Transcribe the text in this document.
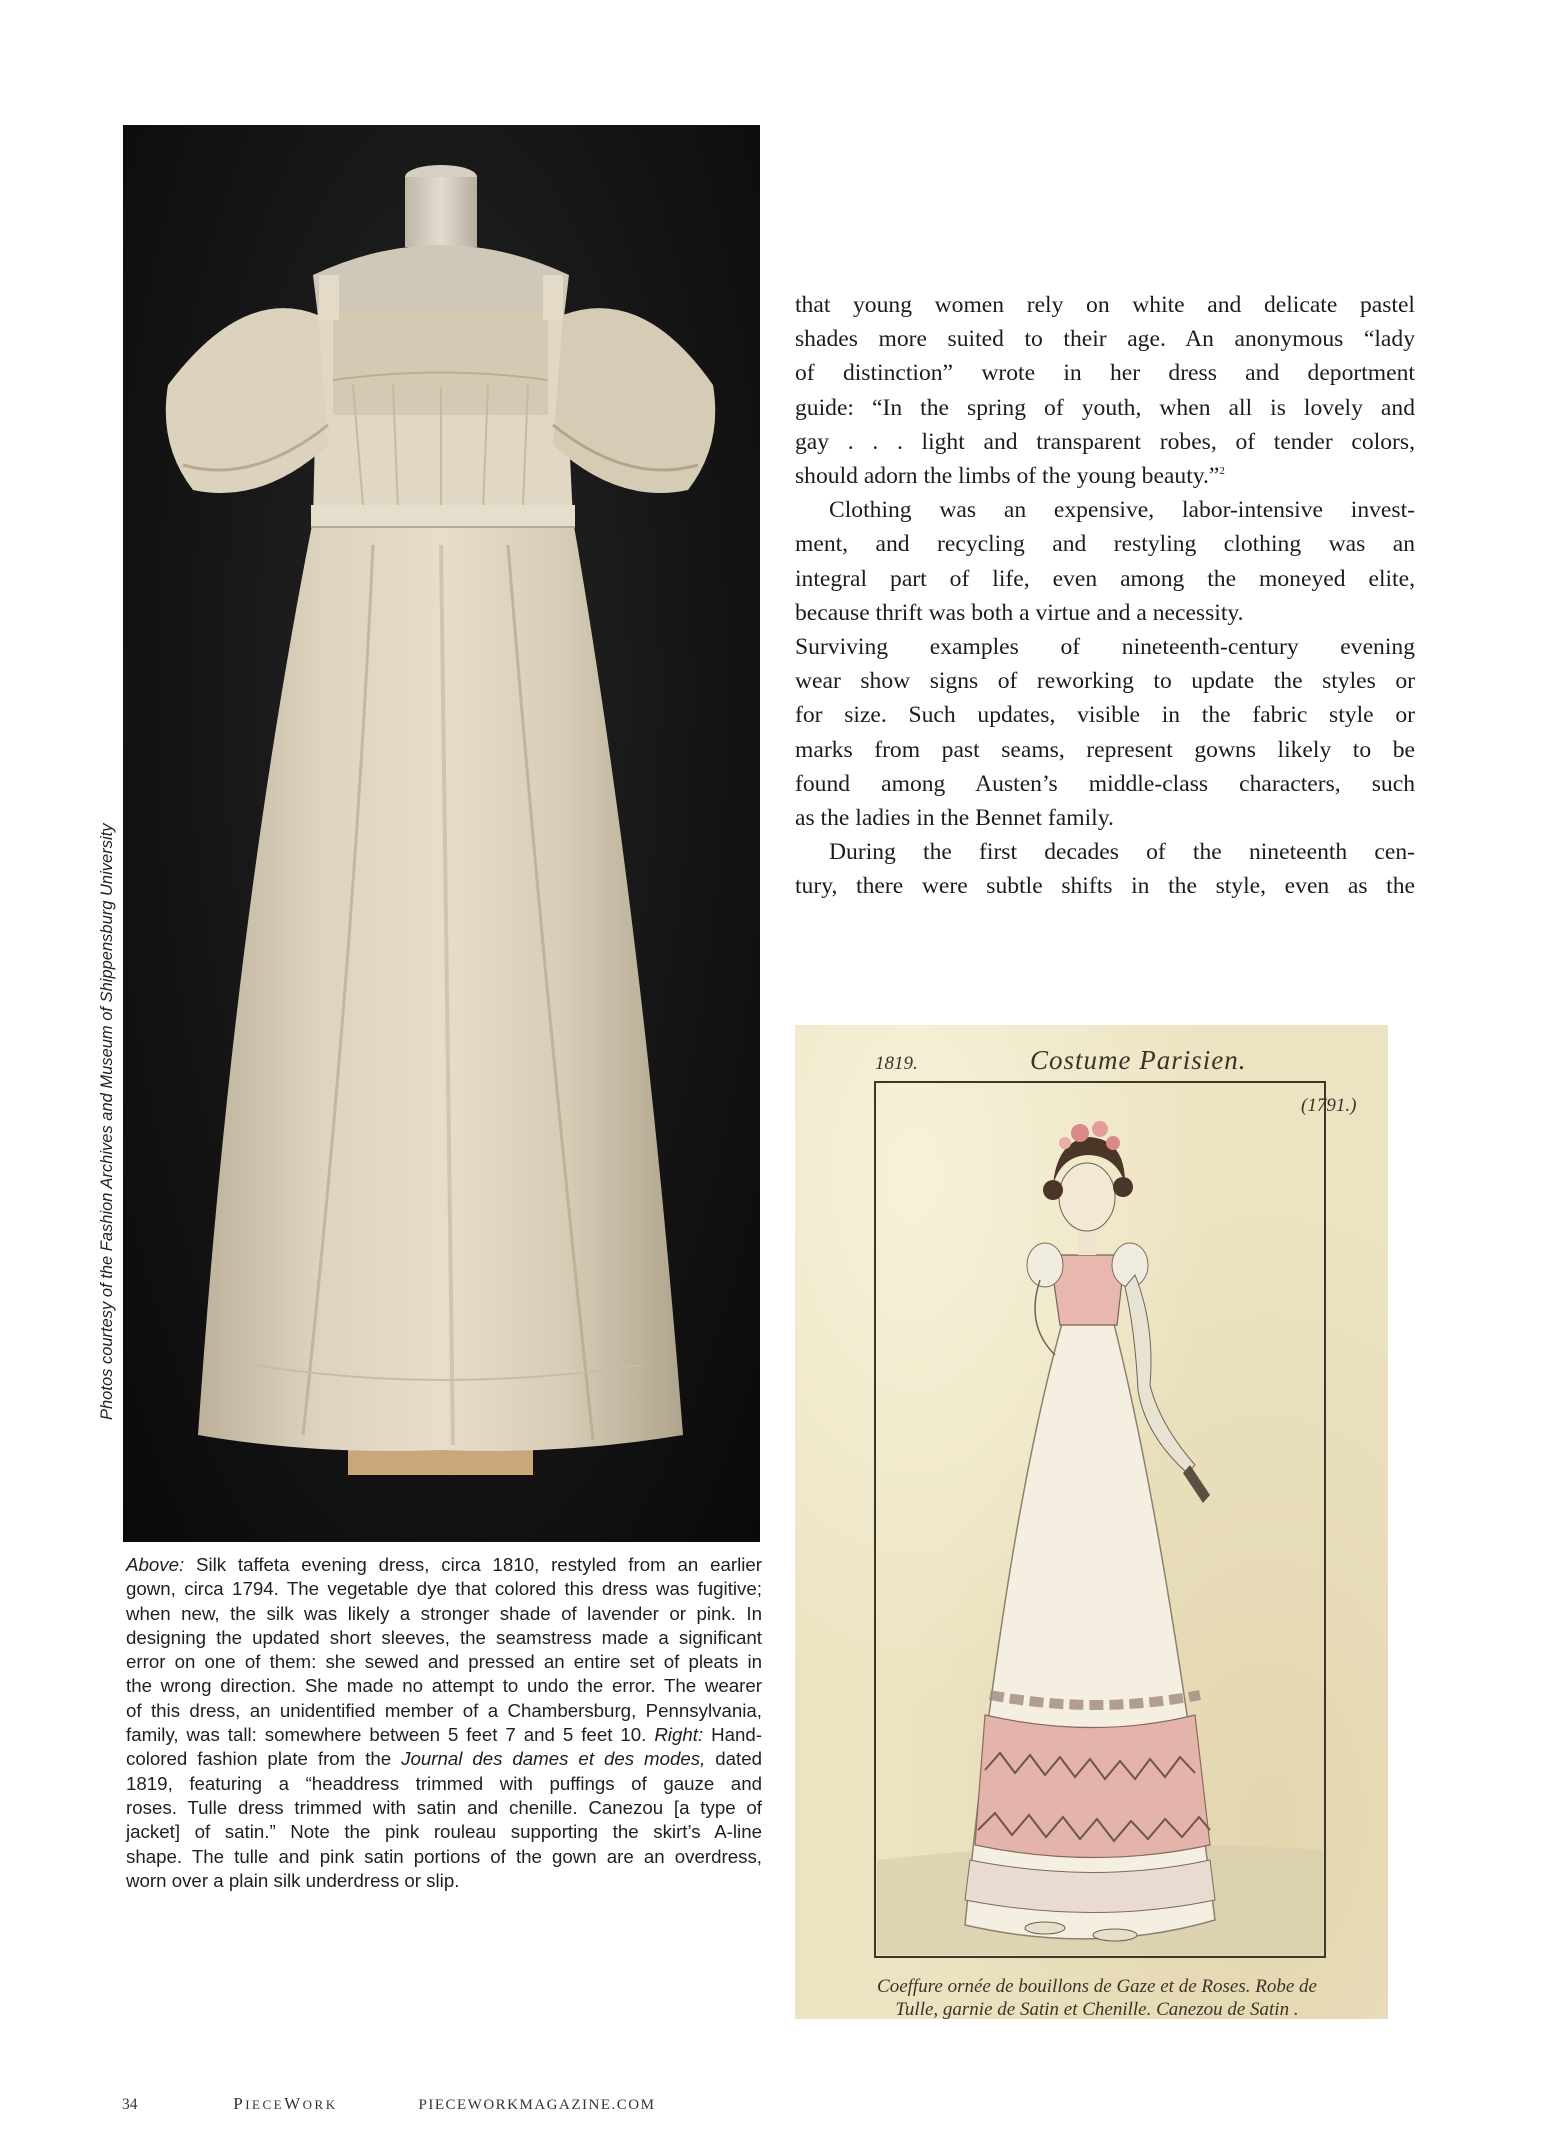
Photos courtesy of the Fashion Archives and Museum of Shippensburg University
that young women rely on white and delicate pastel
shades more suited to their age. An anonymous “lady
of distinction” wrote in her dress and deportment
guide: “In the spring of youth, when all is lovely and
gay . . . light and transparent robes, of tender colors,
should adorn the limbs of the young beauty.”$^2$
Clothing was an expensive, labor-intensive invest-
ment, and recycling and restyling clothing was an
integral part of life, even among the moneyed elite,
because thrift was both a virtue and a necessity.
Surviving examples of nineteenth-century evening
wear show signs of reworking to update the styles or
for size. Such updates, visible in the fabric style or
marks from past seams, represent gowns likely to be
found among Austen’s middle-class characters, such
as the ladies in the Bennet family.
During the first decades of the nineteenth cen-
tury, there were subtle shifts in the style, even as the
1819.	Costume Parisien.
(1791.)
Coeffure ornée de bouillons de Gaze et de Roses. Robe de
Tulle, garnie de Satin et Chenille. Canezou de Satin .
Above: Silk taffeta evening dress, circa 1810, restyled from an earlier
gown, circa 1794. The vegetable dye that colored this dress was fugitive;
when new, the silk was likely a stronger shade of lavender or pink. In
designing the updated short sleeves, the seamstress made a significant
error on one of them: she sewed and pressed an entire set of pleats in
the wrong direction. She made no attempt to undo the error. The wearer
of this dress, an unidentified member of a Chambersburg, Pennsylvania,
family, was tall: somewhere between 5 feet 7 and 5 feet 10. Right: Hand-
colored fashion plate from the Journal des dames et des modes, dated
1819, featuring a “headdress trimmed with puffings of gauze and
roses. Tulle dress trimmed with satin and chenille. Canezou [a type of
jacket] of satin.” Note the pink rouleau supporting the skirt’s A-line
shape. The tulle and pink satin portions of the gown are an overdress,
worn over a plain silk underdress or slip.
34	PIECEWORK	PIECEWORKMAGAZINE.COM
